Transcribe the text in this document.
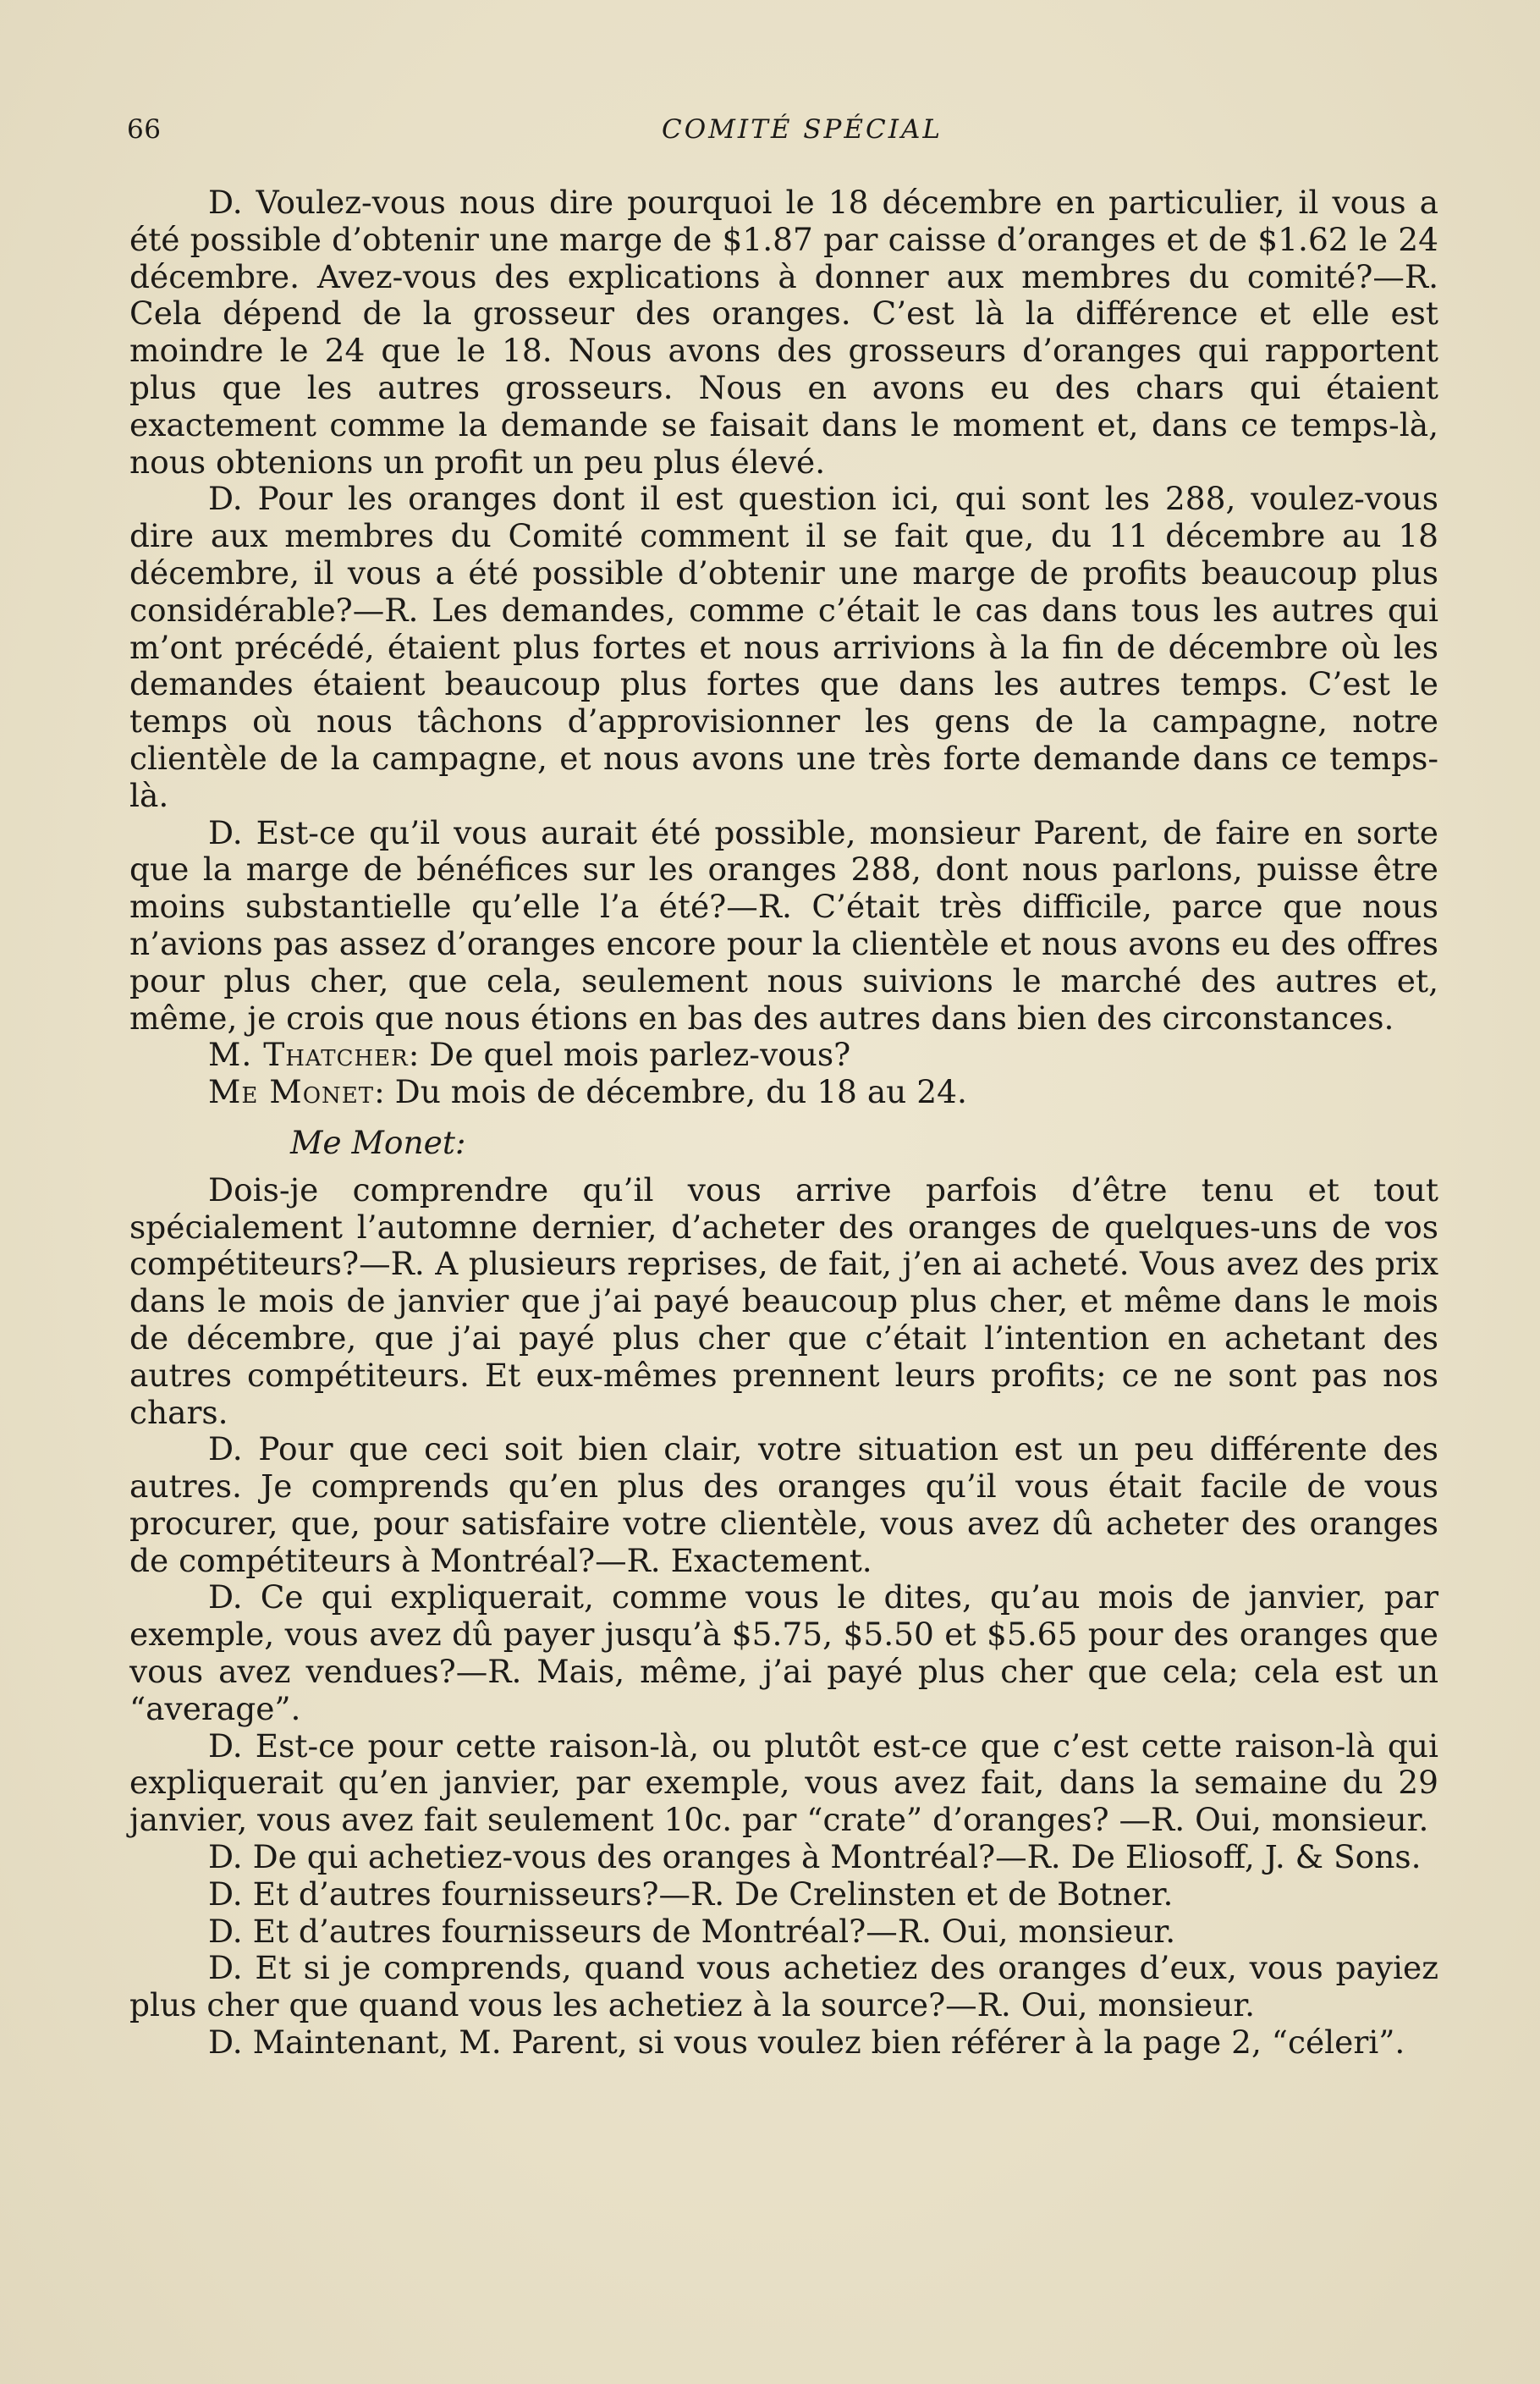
66	COMITÉ SPÉCIAL

D. Voulez-vous nous dire pourquoi le 18 décembre en particulier, il vous a été possible d’obtenir une marge de $1.87 par caisse d’oranges et de $1.62 le 24 décembre. Avez-vous des explications à donner aux membres du comité?—R. Cela dépend de la grosseur des oranges. C’est là la différence et elle est moindre le 24 que le 18. Nous avons des grosseurs d’oranges qui rapportent plus que les autres grosseurs. Nous en avons eu des chars qui étaient exactement comme la demande se faisait dans le moment et, dans ce temps-là, nous obtenions un profit un peu plus élevé.

D. Pour les oranges dont il est question ici, qui sont les 288, voulez-vous dire aux membres du Comité comment il se fait que, du 11 décembre au 18 décembre, il vous a été possible d’obtenir une marge de profits beaucoup plus considérable?—R. Les demandes, comme c’était le cas dans tous les autres qui m’ont précédé, étaient plus fortes et nous arrivions à la fin de décembre où les demandes étaient beaucoup plus fortes que dans les autres temps. C’est le temps où nous tâchons d’approvisionner les gens de la campagne, notre clientèle de la campagne, et nous avons une très forte demande dans ce temps-là.

D. Est-ce qu’il vous aurait été possible, monsieur Parent, de faire en sorte que la marge de bénéfices sur les oranges 288, dont nous parlons, puisse être moins substantielle qu’elle l’a été?—R. C’était très difficile, parce que nous n’avions pas assez d’oranges encore pour la clientèle et nous avons eu des offres pour plus cher, que cela, seulement nous suivions le marché des autres et, même, je crois que nous étions en bas des autres dans bien des circonstances.

M. Thatcher: De quel mois parlez-vous?

Me Monet: Du mois de décembre, du 18 au 24.

Me Monet:

Dois-je comprendre qu’il vous arrive parfois d’être tenu et tout spécialement l’automne dernier, d’acheter des oranges de quelques-uns de vos compétiteurs?—R. A plusieurs reprises, de fait, j’en ai acheté. Vous avez des prix dans le mois de janvier que j’ai payé beaucoup plus cher, et même dans le mois de décembre, que j’ai payé plus cher que c’était l’intention en achetant des autres compétiteurs. Et eux-mêmes prennent leurs profits; ce ne sont pas nos chars.

D. Pour que ceci soit bien clair, votre situation est un peu différente des autres. Je comprends qu’en plus des oranges qu’il vous était facile de vous procurer, que, pour satisfaire votre clientèle, vous avez dû acheter des oranges de compétiteurs à Montréal?—R. Exactement.

D. Ce qui expliquerait, comme vous le dites, qu’au mois de janvier, par exemple, vous avez dû payer jusqu’à $5.75, $5.50 et $5.65 pour des oranges que vous avez vendues?—R. Mais, même, j’ai payé plus cher que cela; cela est un “average”.

D. Est-ce pour cette raison-là, ou plutôt est-ce que c’est cette raison-là qui expliquerait qu’en janvier, par exemple, vous avez fait, dans la semaine du 29 janvier, vous avez fait seulement 10c. par “crate” d’oranges? —R. Oui, monsieur.

D. De qui achetiez-vous des oranges à Montréal?—R. De Eliosoff, J. & Sons.

D. Et d’autres fournisseurs?—R. De Crelinsten et de Botner.

D. Et d’autres fournisseurs de Montréal?—R. Oui, monsieur.

D. Et si je comprends, quand vous achetiez des oranges d’eux, vous payiez plus cher que quand vous les achetiez à la source?—R. Oui, monsieur.

D. Maintenant, M. Parent, si vous voulez bien référer à la page 2, “céleri”.
